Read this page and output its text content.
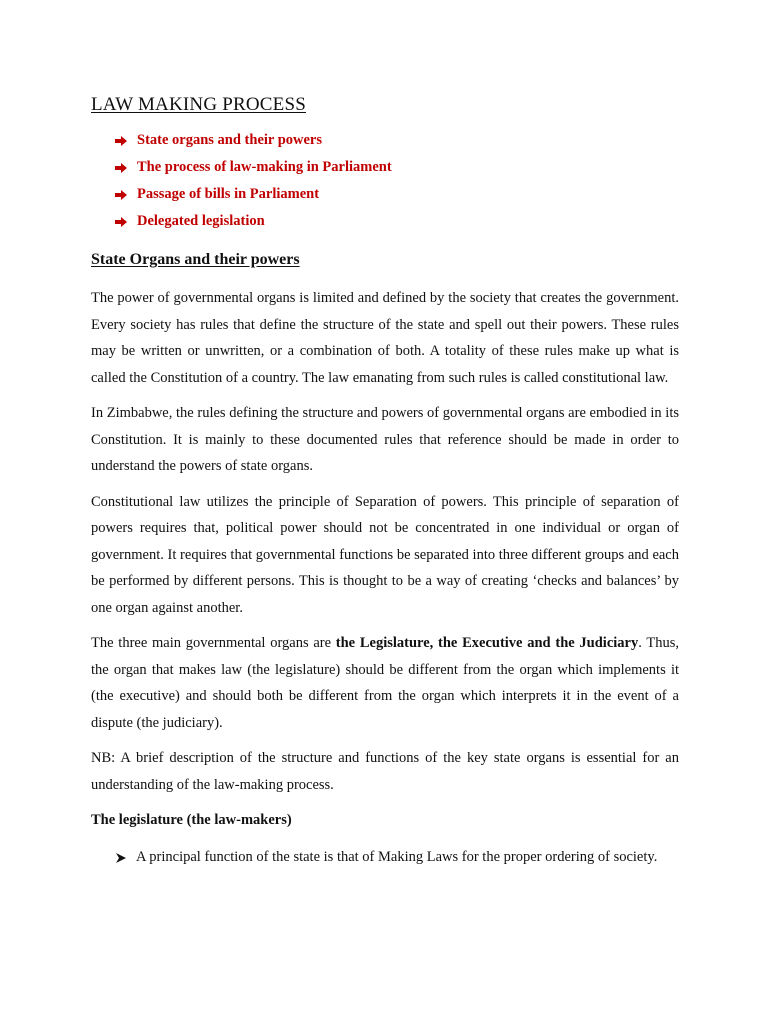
LAW MAKING PROCESS
State organs and their powers
The process of law-making in Parliament
Passage of bills in Parliament
Delegated legislation
State Organs and their powers

The power of governmental organs is limited and defined by the society that creates the government. Every society has rules that define the structure of the state and spell out their powers. These rules may be written or unwritten, or a combination of both. A totality of these rules make up what is called the Constitution of a country. The law emanating from such rules is called constitutional law.

In Zimbabwe, the rules defining the structure and powers of governmental organs are embodied in its Constitution. It is mainly to these documented rules that reference should be made in order to understand the powers of state organs.

Constitutional law utilizes the principle of Separation of powers. This principle of separation of powers requires that, political power should not be concentrated in one individual or organ of government. It requires that governmental functions be separated into three different groups and each be performed by different persons. This is thought to be a way of creating ‘checks and balances’ by one organ against another.

The three main governmental organs are the Legislature, the Executive and the Judiciary. Thus, the organ that makes law (the legislature) should be different from the organ which implements it (the executive) and should both be different from the organ which interprets it in the event of a dispute (the judiciary).

NB: A brief description of the structure and functions of the key state organs is essential for an understanding of the law-making process.

The legislature (the law-makers)
A principal function of the state is that of Making Laws for the proper ordering of society.
